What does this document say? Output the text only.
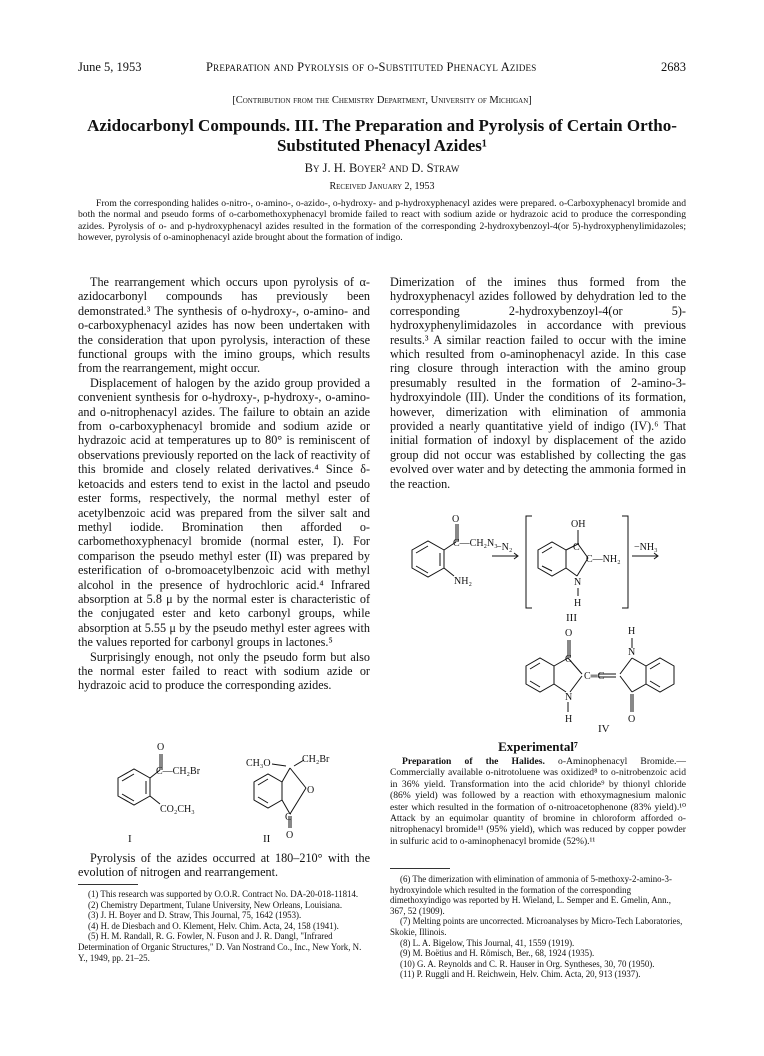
June 5, 1953	Preparation and Pyrolysis of o-Substituted Phenacyl Azides	2683
[Contribution from the Chemistry Department, University of Michigan]
Azidocarbonyl Compounds. III. The Preparation and Pyrolysis of Certain Ortho-
Substituted Phenacyl Azides¹
By J. H. Boyer² and D. Straw
Received January 2, 1953
From the corresponding halides o-nitro-, o-amino-, o-azido-, o-hydroxy- and p-hydroxyphenacyl azides were prepared. o-Carboxyphenacyl bromide and both the normal and pseudo forms of o-carbomethoxyphenacyl bromide failed to react with sodium azide or hydrazoic acid to produce the corresponding azides. Pyrolysis of o- and p-hydroxyphenacyl azides resulted in the formation of the corresponding 2-hydroxybenzoyl-4(or 5)-hydroxyphenylimidazoles; however, pyrolysis of o-aminophenacyl azide brought about the formation of indigo.

The rearrangement which occurs upon pyrolysis of α-azidocarbonyl compounds has previously been demonstrated.³ The synthesis of o-hydroxy-, o-amino- and o-carboxyphenacyl azides has now been undertaken with the consideration that upon pyrolysis, interaction of these functional groups with the imino groups, which results from the rearrangement, might occur.

Displacement of halogen by the azido group provided a convenient synthesis for o-hydroxy-, p-hydroxy-, o-amino- and o-nitrophenacyl azides. The failure to obtain an azide from o-carboxyphenacyl bromide and sodium azide or hydrazoic acid at temperatures up to 80° is reminiscent of observations previously reported on the lack of reactivity of this bromide and closely related derivatives.⁴ Since δ-ketoacids and esters tend to exist in the lactol and pseudo ester forms, respectively, the normal methyl ester of acetylbenzoic acid was prepared from the silver salt and methyl iodide. Bromination then afforded o-carbomethoxyphenacyl bromide (normal ester, I). For comparison the pseudo methyl ester (II) was prepared by esterification of o-bromoacetylbenzoic acid with methyl alcohol in the presence of hydrochloric acid.⁴ Infrared absorption at 5.8 μ by the normal ester is characteristic of the conjugated ester and keto carbonyl groups, while absorption at 5.55 μ by the pseudo methyl ester agrees with the values reported for carbonyl groups in lactones.⁵

Surprisingly enough, not only the pseudo form but also the normal ester failed to react with sodium azide or hydrazoic acid to produce the corresponding azides.

Dimerization of the imines thus formed from the hydroxyphenacyl azides followed by dehydration led to the corresponding 2-hydroxybenzoyl-4(or 5)-hydroxyphenylimidazoles in accordance with previous results.³ A similar reaction failed to occur with the imine which resulted from o-aminophenacyl azide. In this case ring closure through interaction with the amino group presumably resulted in the formation of 2-amino-3-hydroxyindole (III). Under the conditions of its formation, however, dimerization with elimination of ammonia provided a nearly quantitative yield of indigo (IV).⁶ That initial formation of indoxyl by displacement of the azido group did not occur was established by collecting the gas evolved over water and by detecting the ammonia formed in the reaction.

O
C—CH₂N₃
NH₂
−N₂	−NH₃
OH
C
C—NH₂
N
H
III
O	H
C
C═C
N
N
H	O
IV
O
C—CH₂Br
CO₂CH₃
I
CH₃O	CH₂Br
O
C
O
II
Pyrolysis of the azides occurred at 180–210° with the evolution of nitrogen and rearrangement.
(1) This research was supported by O.O.R. Contract No. DA-20-018-11814.
(2) Chemistry Department, Tulane University, New Orleans, Louisiana.
(3) J. H. Boyer and D. Straw, This Journal, 75, 1642 (1953).
(4) H. de Diesbach and O. Klement, Helv. Chim. Acta, 24, 158 (1941).
(5) H. M. Randall, R. G. Fowler, N. Fuson and J. R. Dangl, "Infrared Determination of Organic Structures," D. Van Nostrand Co., Inc., New York, N. Y., 1949, pp. 21–25.
Experimental⁷
Preparation of the Halides. o-Aminophenacyl Bromide.— Commercially available o-nitrotoluene was oxidized⁸ to o-nitrobenzoic acid in 36% yield. Transformation into the acid chloride⁹ by thionyl chloride (86% yield) was followed by a reaction with ethoxymagnesium malonic ester which resulted in the formation of o-nitroacetophenone (83% yield).¹⁰ Attack by an equimolar quantity of bromine in chloroform afforded o-nitrophenacyl bromide¹¹ (95% yield), which was reduced by copper powder in sulfuric acid to o-aminophenacyl bromide (52%).¹¹
(6) The dimerization with elimination of ammonia of 5-methoxy-2-amino-3-hydroxyindole which resulted in the formation of the corresponding dimethoxyindigo was reported by H. Wieland, L. Semper and E. Gmelin, Ann., 367, 52 (1909).
(7) Melting points are uncorrected. Microanalyses by Micro-Tech Laboratories, Skokie, Illinois.
(8) L. A. Bigelow, This Journal, 41, 1559 (1919).
(9) M. Boëtius and H. Römisch, Ber., 68, 1924 (1935).
(10) G. A. Reynolds and C. R. Hauser in Org. Syntheses, 30, 70 (1950).
(11) P. Ruggli and H. Reichwein, Helv. Chim. Acta, 20, 913 (1937).
